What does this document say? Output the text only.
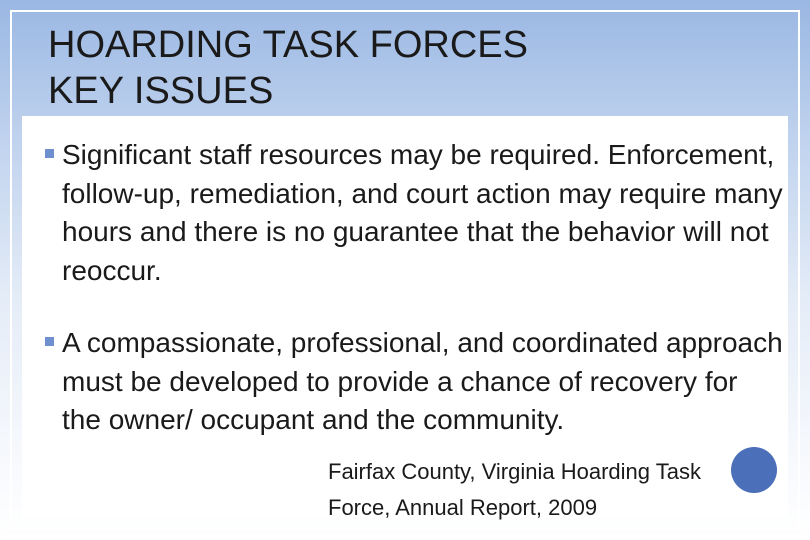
HOARDING TASK FORCES
KEY ISSUES
Significant staff resources may be required. Enforcement, follow-up, remediation, and court action may require many hours and there is no guarantee that the behavior will not reoccur.
A compassionate, professional, and coordinated approach must be developed to provide a chance of recovery for the owner/ occupant and the community.
Fairfax County, Virginia Hoarding Task
Force, Annual Report, 2009
